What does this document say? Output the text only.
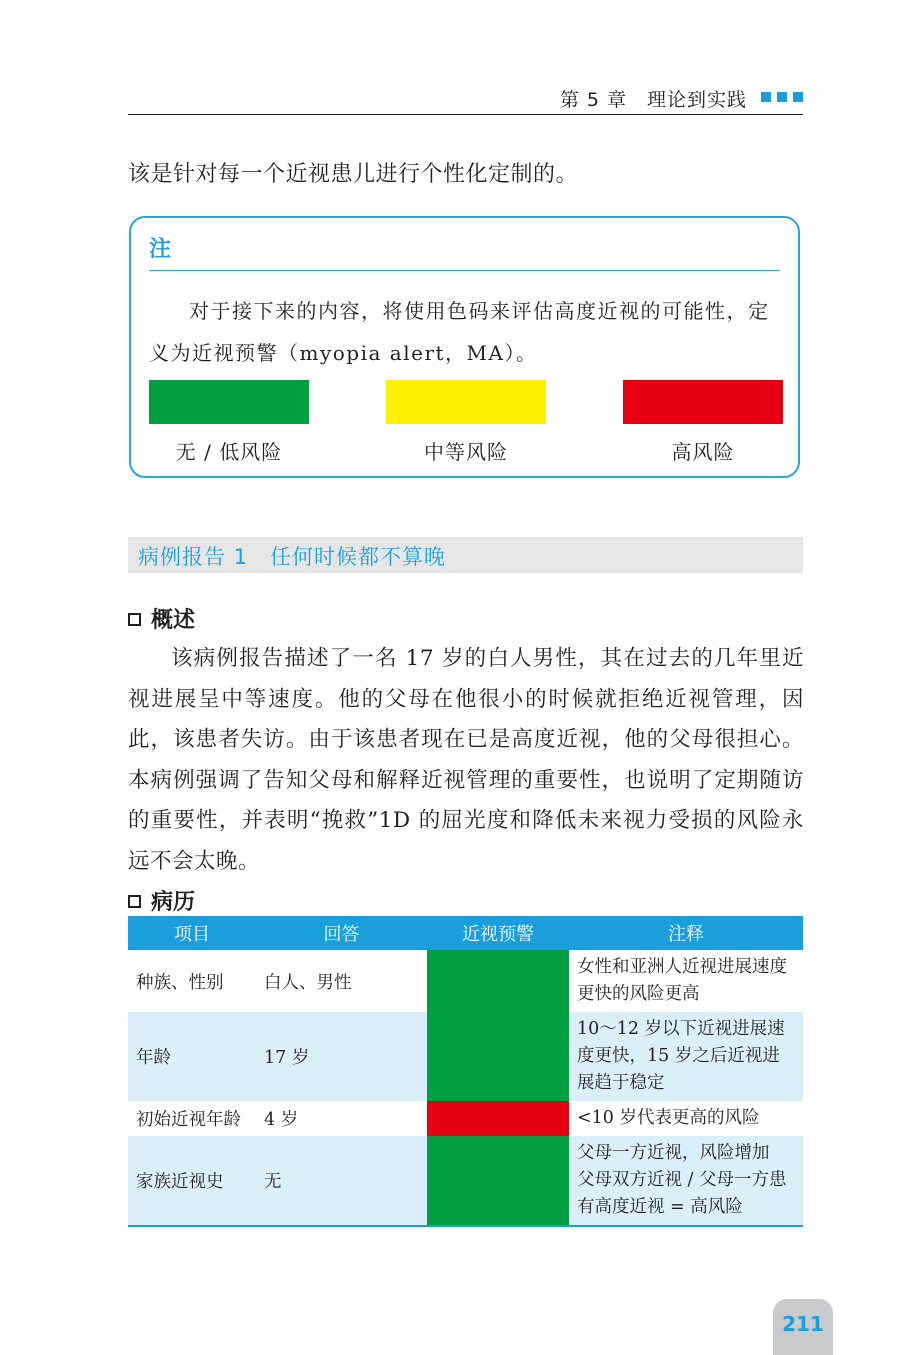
第 5 章　理论到实践
该是针对每一个近视患儿进行个性化定制的。
注
对于接下来的内容，将使用色码来评估高度近视的可能性，定义为近视预警（myopia alert，MA）。
无 / 低风险	中等风险	高风险
病例报告 1　任何时候都不算晚
概述
该病例报告描述了一名 17 岁的白人男性，其在过去的几年里近视进展呈中等速度。他的父母在他很小的时候就拒绝近视管理，因此，该患者失访。由于该患者现在已是高度近视，他的父母很担心。本病例强调了告知父母和解释近视管理的重要性，也说明了定期随访的重要性，并表明“挽救”1D 的屈光度和降低未来视力受损的风险永远不会太晚。
病历
项目	回答	近视预警	注释
种族、性别	白人、男性		女性和亚洲人近视进展速度更快的风险更高
年龄	17 岁		10～12 岁以下近视进展速度更快，15 岁之后近视进展趋于稳定
初始近视年龄	4 岁		<10 岁代表更高的风险
家族近视史	无		父母一方近视，风险增加
父母双方近视 / 父母一方患有高度近视 = 高风险
211
